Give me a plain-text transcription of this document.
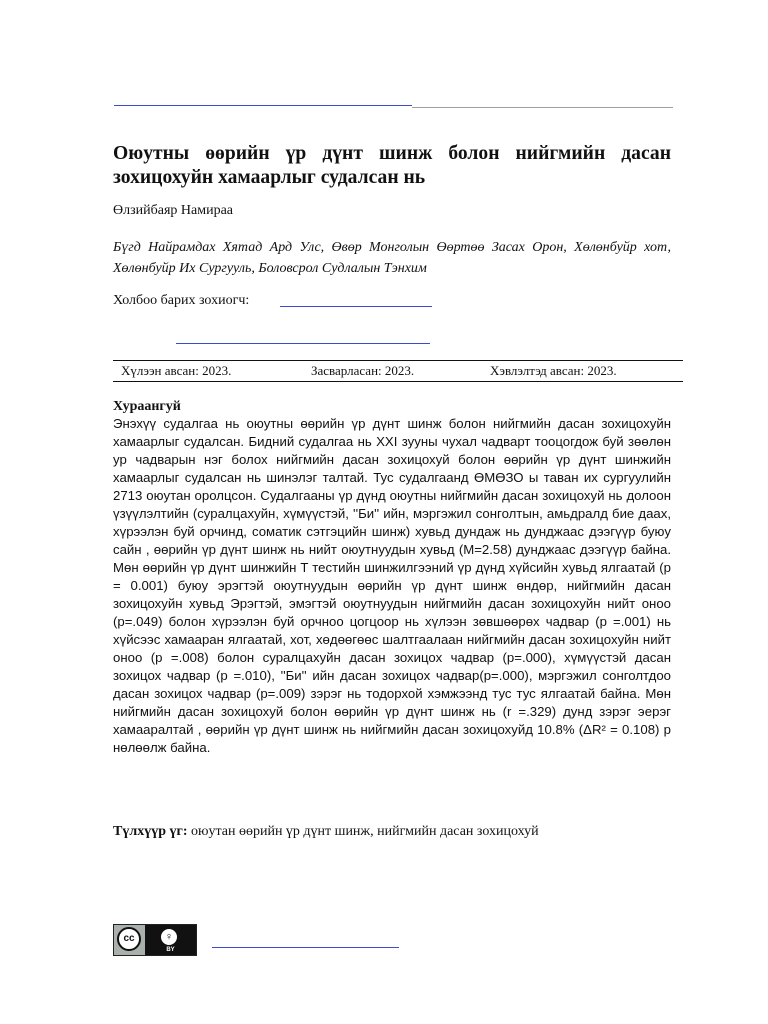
Оюутны өөрийн үр дүнт шинж болон нийгмийн дасан зохицохуйн хамаарлыг судалсан нь
Өлзийбаяр Намираа
Бүгд Найрамдах Хятад Ард Улс, Өвөр Монголын Өөртөө Засах Орон, Хөлөнбуйр хот, Хөлөнбуйр Их Сургууль, Боловсрол Судлалын Тэнхим
Холбоо барих зохиогч:
Хүлээн авсан: 2023.	Засварласан: 2023.	Хэвлэлтэд авсан: 2023.
Хураангуй
Энэхүү судалгаа нь оюутны өөрийн үр дүнт шинж болон нийгмийн дасан зохицохуйн хамаарлыг судалсан. Бидний судалгаа нь XXI зууны чухал чадварт тооцогдож буй зөөлөн ур чадварын нэг болох нийгмийн дасан зохицохуй болон өөрийн үр дүнт шинжийн хамаарлыг судалсан нь шинэлэг талтай. Тус судалгаанд ӨМӨЗО ы таван их сургуулийн 2713 оюутан оролцсон. Судалгааны үр дүнд оюутны нийгмийн дасан зохицохуй нь долоон үзүүлэлтийн (суралцахуйн, хүмүүстэй, ''Би'' ийн, мэргэжил сонголтын, амьдралд бие даах, хүрээлэн буй орчинд, соматик сэтгэцийн шинж) хувьд дундаж нь дунджаас дээгүүр буюу сайн , өөрийн үр дүнт шинж нь нийт оюутнуудын хувьд (M=2.58) дунджаас дээгүүр байна. Мөн өөрийн үр дүнт шинжийн T тестийн шинжилгээний үр дүнд хүйсийн хувьд ялгаатай (p = 0.001) буюу эрэгтэй оюутнуудын өөрийн үр дүнт шинж өндөр, нийгмийн дасан зохицохуйн хувьд Эрэгтэй, эмэгтэй оюутнуудын нийгмийн дасан зохицохуйн нийт оноо (p=.049) болон хүрээлэн буй орчноо цогцоор нь хүлээн зөвшөөрөх чадвар (p =.001) нь хүйсээс хамааран ялгаатай, хот, хөдөөгөөс шалтгаалаан нийгмийн дасан зохицохуйн нийт оноо (p =.008) болон суралцахуйн дасан зохицох чадвар (p=.000), хүмүүстэй дасан зохицох чадвар (p =.010), ''Би'' ийн дасан зохицох чадвар(p=.000), мэргэжил сонголтдоо дасан зохицох чадвар (p=.009) зэрэг нь тодорхой хэмжээнд тус тус ялгаатай байна. Мөн нийгмийн дасан зохицохуй болон өөрийн үр дүнт шинж нь (r =.329) дунд зэрэг эерэг хамааралтай , өөрийн үр дүнт шинж нь нийгмийн дасан зохицохуйд 10.8% (ΔR² = 0.108) p нөлөөлж байна.
Түлхүүр үг: оюутан өөрийн үр дүнт шинж, нийгмийн дасан зохицохуй
cc	♀
BY
